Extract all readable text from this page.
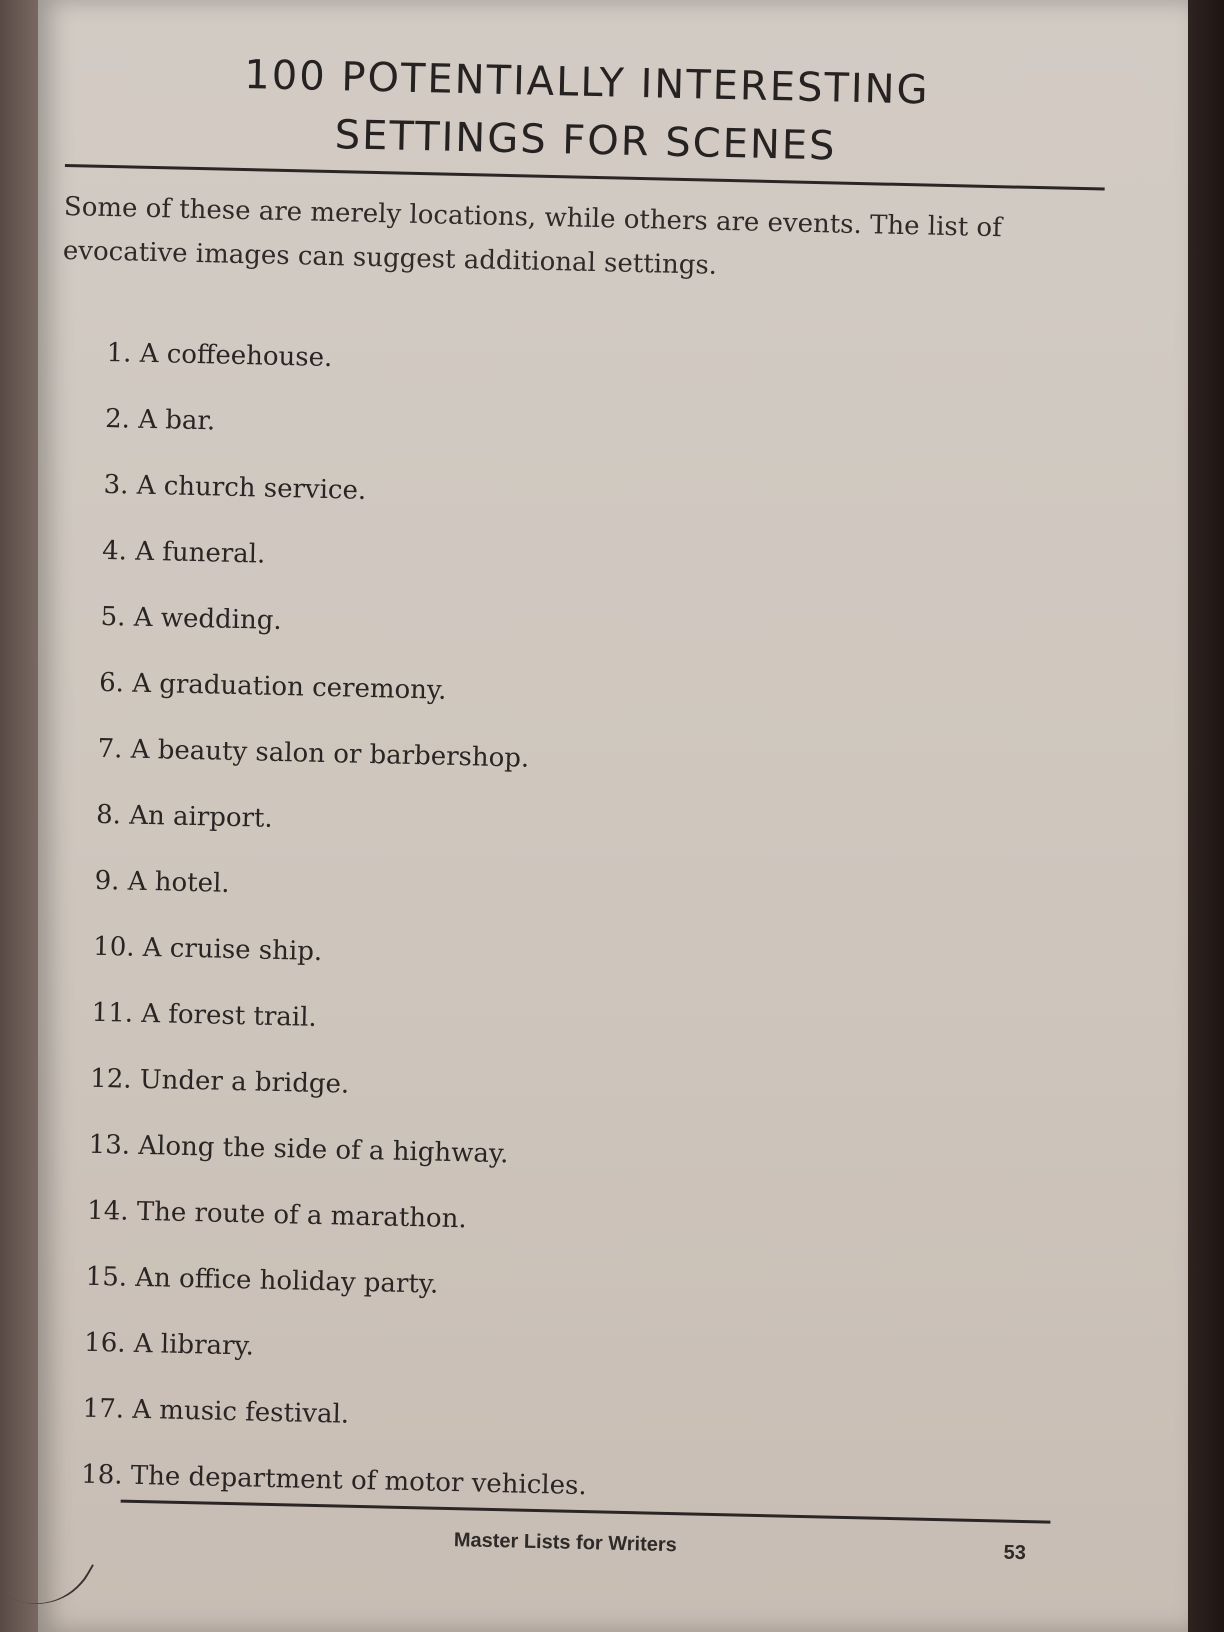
100 POTENTIALLY INTERESTING
SETTINGS FOR SCENES

Some of these are merely locations, while others are events. The list of evocative images can suggest additional settings.

1. A coffeehouse.
2. A bar.
3. A church service.
4. A funeral.
5. A wedding.
6. A graduation ceremony.
7. A beauty salon or barbershop.
8. An airport.
9. A hotel.
10. A cruise ship.
11. A forest trail.
12. Under a bridge.
13. Along the side of a highway.
14. The route of a marathon.
15. An office holiday party.
16. A library.
17. A music festival.
18. The department of motor vehicles.
Master Lists for Writers	53
